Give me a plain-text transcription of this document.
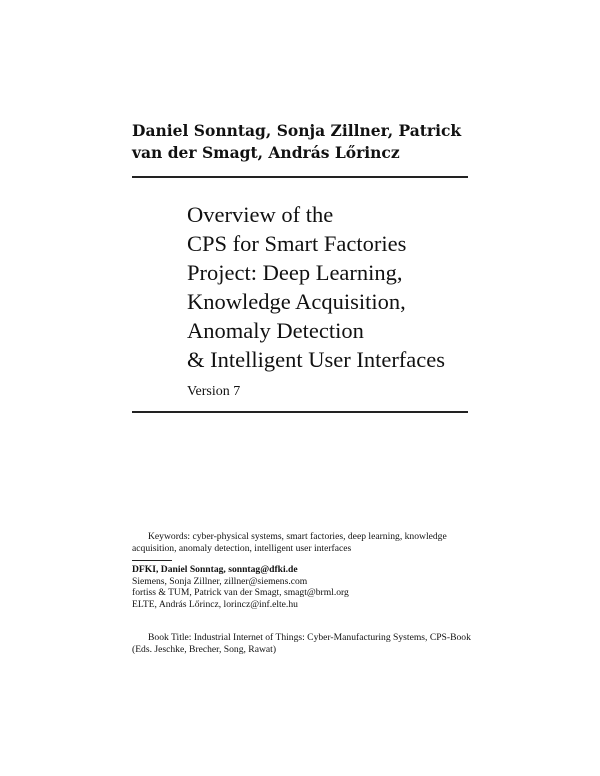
Daniel Sonntag, Sonja Zillner, Patrick
van der Smagt, András Lőrincz
Overview of the
CPS for Smart Factories
Project: Deep Learning,
Knowledge Acquisition,
Anomaly Detection
& Intelligent User Interfaces
Version 7
Keywords: cyber-physical systems, smart factories, deep learning, knowledge acquisition, anomaly detection, intelligent user interfaces
DFKI, Daniel Sonntag, sonntag@dfki.de
Siemens, Sonja Zillner, zillner@siemens.com
fortiss & TUM, Patrick van der Smagt, smagt@brml.org
ELTE, András Lőrincz, lorincz@inf.elte.hu
Book Title: Industrial Internet of Things: Cyber-Manufacturing Systems, CPS-Book (Eds. Jeschke, Brecher, Song, Rawat)
